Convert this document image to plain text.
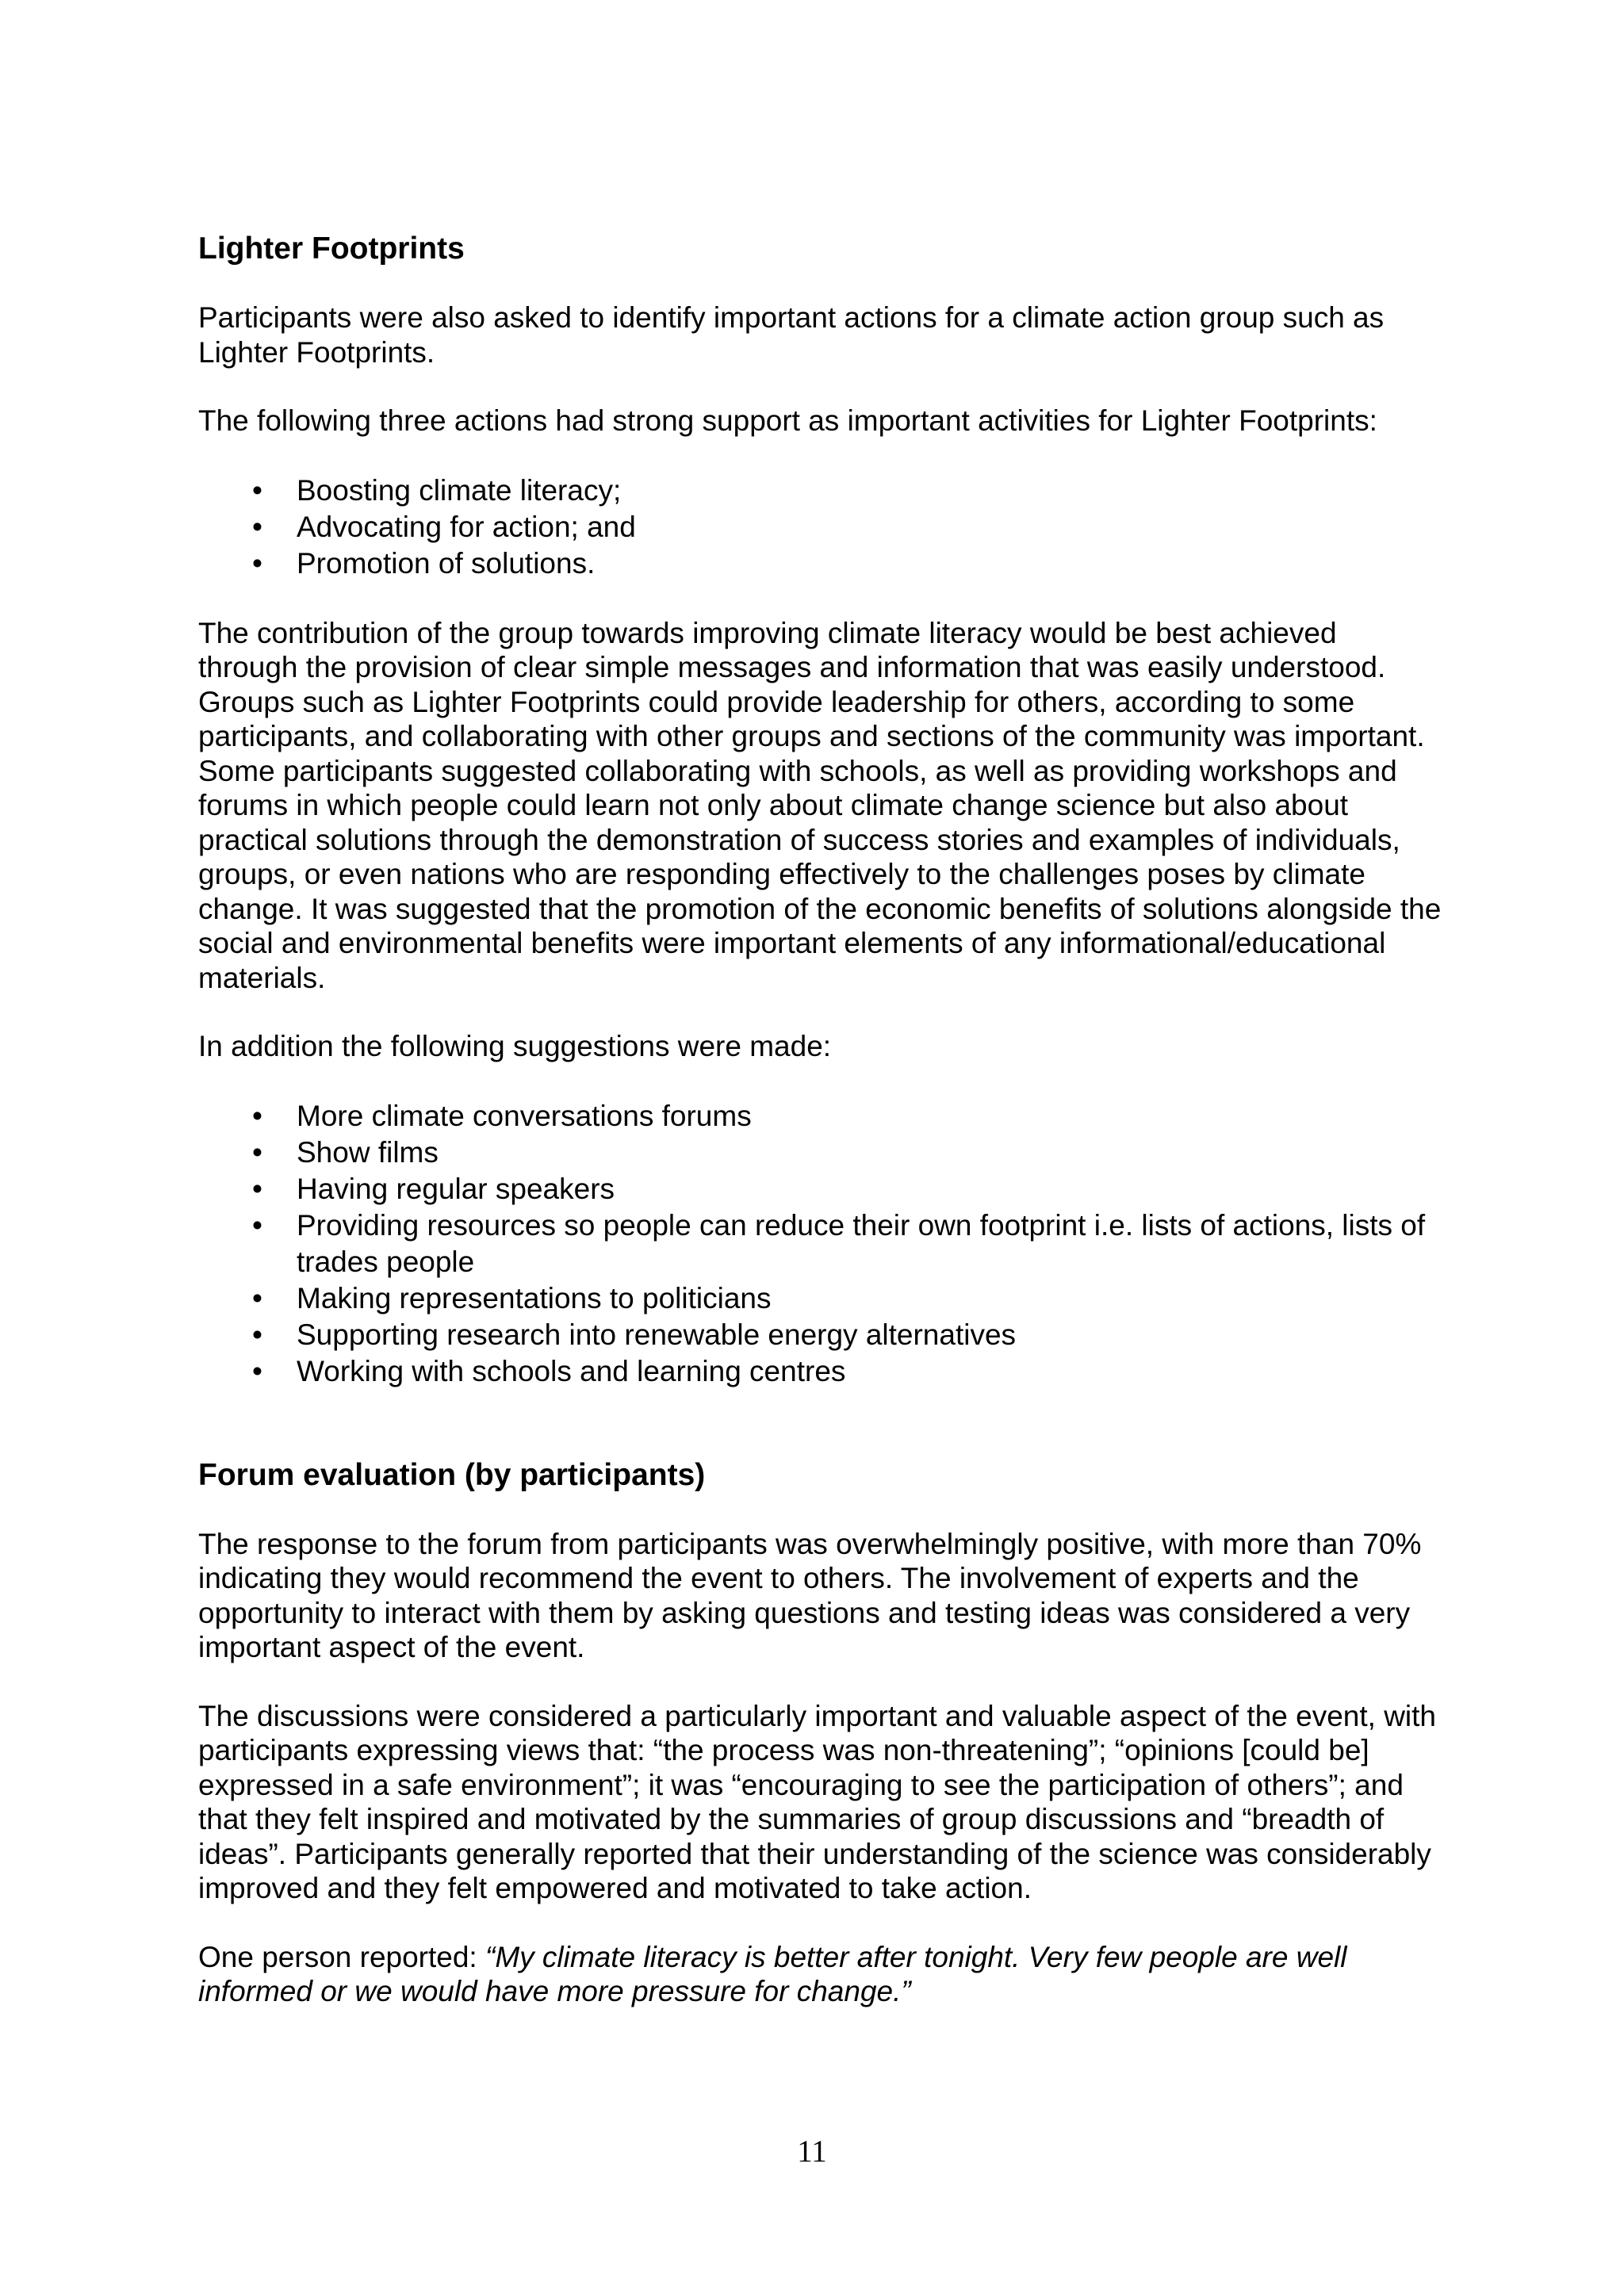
Lighter Footprints

Participants were also asked to identify important actions for a climate action group such as Lighter Footprints.

The following three actions had strong support as important activities for Lighter Footprints:

• Boosting climate literacy;
• Advocating for action; and
• Promotion of solutions.

The contribution of the group towards improving climate literacy would be best achieved through the provision of clear simple messages and information that was easily understood. Groups such as Lighter Footprints could provide leadership for others, according to some participants, and collaborating with other groups and sections of the community was important. Some participants suggested collaborating with schools, as well as providing workshops and forums in which people could learn not only about climate change science but also about practical solutions through the demonstration of success stories and examples of individuals, groups, or even nations who are responding effectively to the challenges poses by climate change. It was suggested that the promotion of the economic benefits of solutions alongside the social and environmental benefits were important elements of any informational/educational materials.

In addition the following suggestions were made:

• More climate conversations forums
• Show films
• Having regular speakers
• Providing resources so people can reduce their own footprint i.e. lists of actions, lists of trades people
• Making representations to politicians
• Supporting research into renewable energy alternatives
• Working with schools and learning centres
Forum evaluation (by participants)

The response to the forum from participants was overwhelmingly positive, with more than 70% indicating they would recommend the event to others. The involvement of experts and the opportunity to interact with them by asking questions and testing ideas was considered a very important aspect of the event.

The discussions were considered a particularly important and valuable aspect of the event, with participants expressing views that: “the process was non-threatening”; “opinions [could be] expressed in a safe environment”; it was “encouraging to see the participation of others”; and that they felt inspired and motivated by the summaries of group discussions and “breadth of ideas”. Participants generally reported that their understanding of the science was considerably improved and they felt empowered and motivated to take action.

One person reported: “My climate literacy is better after tonight. Very few people are well informed or we would have more pressure for change.”

11
